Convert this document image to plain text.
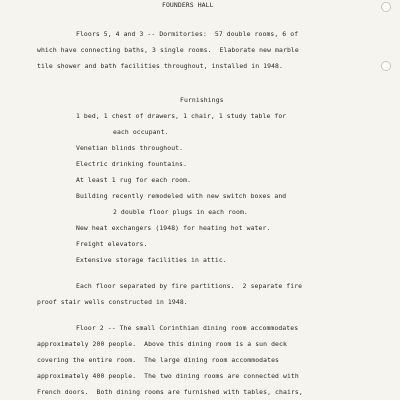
FOUNDERS HALL
Floors 5, 4 and 3 -- Dormitories:  57 double rooms, 6 of
which have connecting baths, 3 single rooms.  Elaborate new marble
tile shower and bath facilities throughout, installed in 1948.
Furnishings
1 bed, 1 chest of drawers, 1 chair, 1 study table for
each occupant.
Venetian blinds throughout.
Electric drinking fountains.
At least 1 rug for each room.
Building recently remodeled with new switch boxes and
2 double floor plugs in each room.
New heat exchangers (1948) for heating hot water.
Freight elevators.
Extensive storage facilities in attic.
Each floor separated by fire partitions.  2 separate fire
proof stair wells constructed in 1948.
Floor 2 -- The small Corinthian dining room accommodates
approximately 200 people.  Above this dining room is a sun deck
covering the entire room.  The large dining room accommodates
approximately 400 people.  The two dining rooms are connected with
French doors.  Both dining rooms are furnished with tables, chairs,
